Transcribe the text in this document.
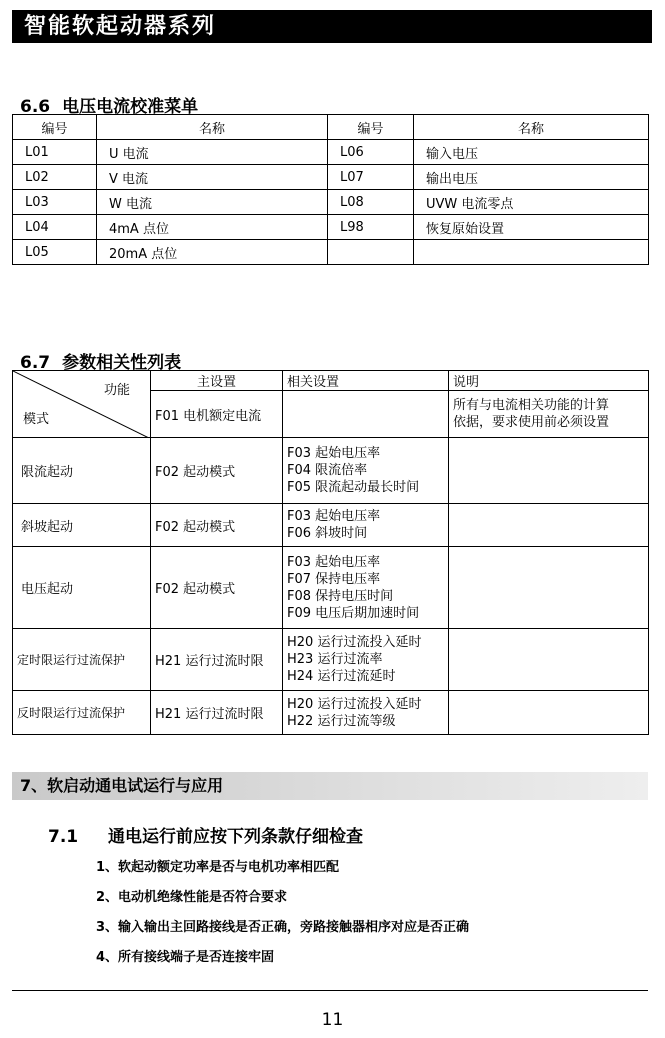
智能软起动器系列
6.6 电压电流校准菜单
编号	名称	编号	名称
L01	U 电流	L06	输入电压
L02	V 电流	L07	输出电压
L03	W 电流	L08	UVW 电流零点
L04	4mA 点位	L98	恢复原始设置
L05	20mA 点位		
6.7 参数相关性列表
功能
模式	主设置	相关设置	说明
	F01 电机额定电流		所有与电流相关功能的计算
依据，要求使用前必须设置

限流起动	F02 起动模式	F03 起始电压率
F04 限流倍率
F05 限流起动最长时间	

斜坡起动	F02 起动模式	F03 起始电压率
F06 斜坡时间	

电压起动	F02 起动模式	F03 起始电压率
F07 保持电压率
F08 保持电压时间
F09 电压后期加速时间	

定时限运行过流保护	H21 运行过流时限	H20 运行过流投入延时
H23 运行过流率
H24 运行过流延时	

反时限运行过流保护	H21 运行过流时限	H20 运行过流投入延时
H22 运行过流等级	

7、软启动通电试运行与应用
7.1 通电运行前应按下列条款仔细检查
1、软起动额定功率是否与电机功率相匹配
2、电动机绝缘性能是否符合要求
3、输入输出主回路接线是否正确，旁路接触器相序对应是否正确
4、所有接线端子是否连接牢固
11
